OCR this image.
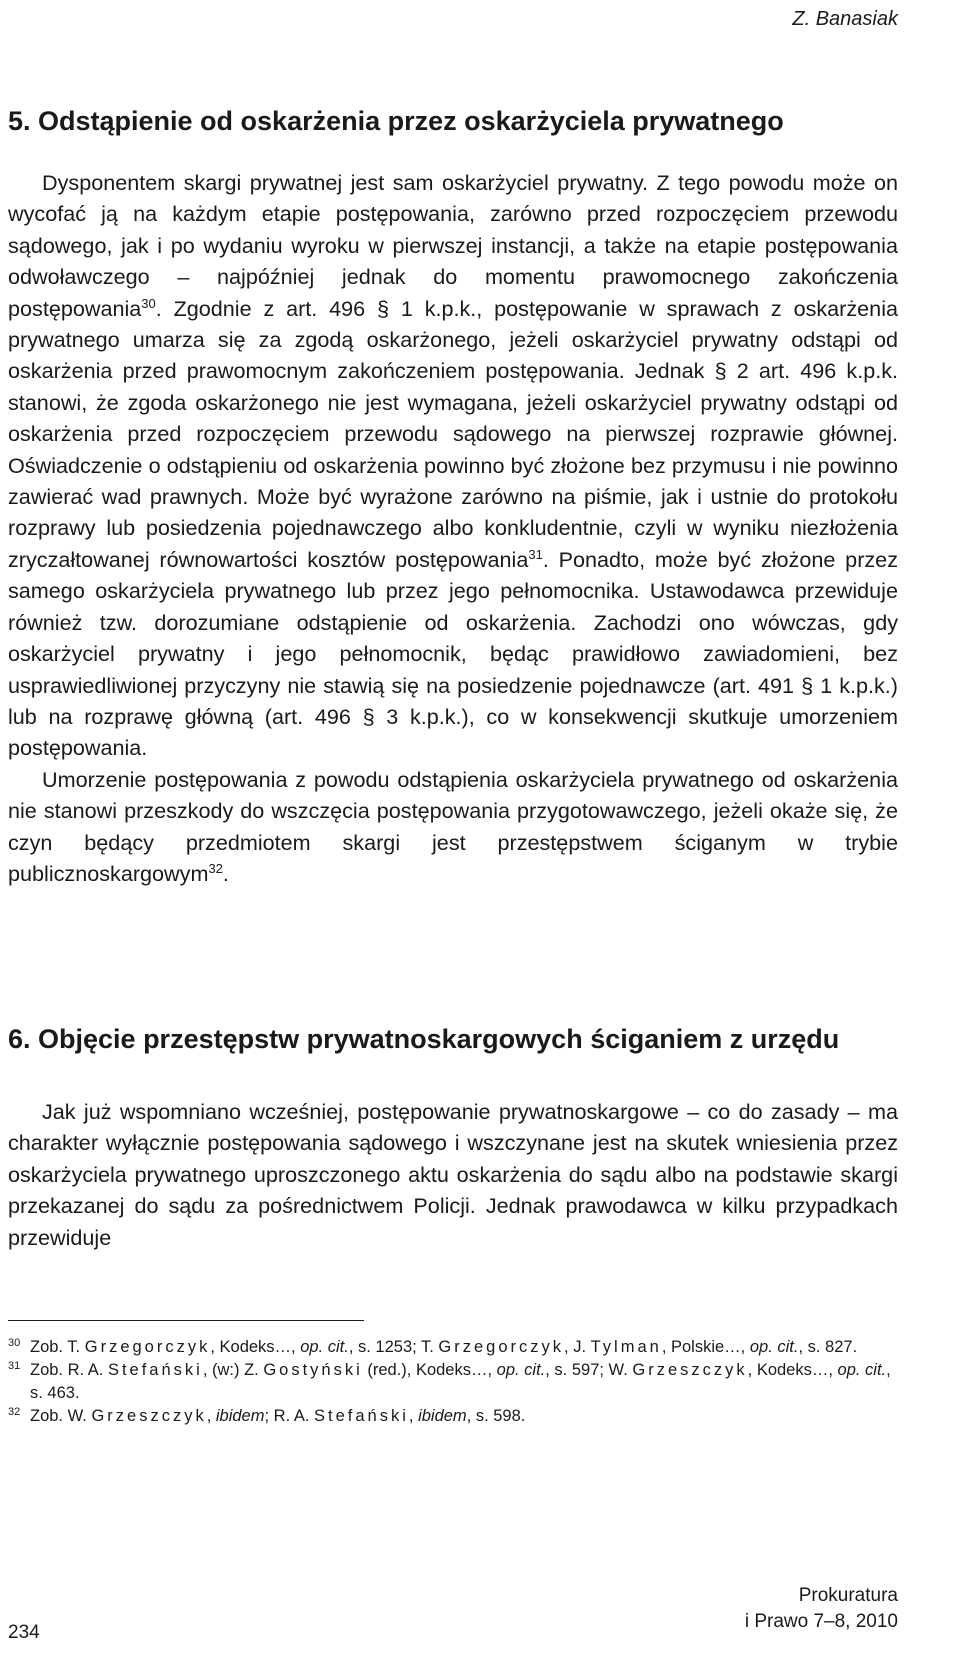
Z. Banasiak
5. Odstąpienie od oskarżenia przez oskarżyciela prywatnego

Dysponentem skargi prywatnej jest sam oskarżyciel prywatny. Z tego powodu może on wycofać ją na każdym etapie postępowania, zarówno przed rozpoczęciem przewodu sądowego, jak i po wydaniu wyroku w pierwszej instancji, a także na etapie postępowania odwoławczego – najpóźniej jednak do momentu prawomocnego zakończenia postępowania$^{30}$. Zgodnie z art. 496 § 1 k.p.k., postępowanie w sprawach z oskarżenia prywatnego umarza się za zgodą oskarżonego, jeżeli oskarżyciel prywatny odstąpi od oskarżenia przed prawomocnym zakończeniem postępowania. Jednak § 2 art. 496 k.p.k. stanowi, że zgoda oskarżonego nie jest wymagana, jeżeli oskarżyciel prywatny odstąpi od oskarżenia przed rozpoczęciem przewodu sądowego na pierwszej rozprawie głównej. Oświadczenie o odstąpieniu od oskarżenia powinno być złożone bez przymusu i nie powinno zawierać wad prawnych. Może być wyrażone zarówno na piśmie, jak i ustnie do protokołu rozprawy lub posiedzenia pojednawczego albo konkludentnie, czyli w wyniku niezłożenia zryczałtowanej równowartości kosztów postępowania$^{31}$. Ponadto, może być złożone przez samego oskarżyciela prywatnego lub przez jego pełnomocnika. Ustawodawca przewiduje również tzw. dorozumiane odstąpienie od oskarżenia. Zachodzi ono wówczas, gdy oskarżyciel prywatny i jego pełnomocnik, będąc prawidłowo zawiadomieni, bez usprawiedliwionej przyczyny nie stawią się na posiedzenie pojednawcze (art. 491 § 1 k.p.k.) lub na rozprawę główną (art. 496 § 3 k.p.k.), co w konsekwencji skutkuje umorzeniem postępowania.

Umorzenie postępowania z powodu odstąpienia oskarżyciela prywatnego od oskarżenia nie stanowi przeszkody do wszczęcia postępowania przygotowawczego, jeżeli okaże się, że czyn będący przedmiotem skargi jest przestępstwem ściganym w trybie publicznoskargowym$^{32}$.

6. Objęcie przestępstw prywatnoskargowych ściganiem z urzędu

Jak już wspomniano wcześniej, postępowanie prywatnoskargowe – co do zasady – ma charakter wyłącznie postępowania sądowego i wszczynane jest na skutek wniesienia przez oskarżyciela prywatnego uproszczonego aktu oskarżenia do sądu albo na podstawie skargi przekazanej do sądu za pośrednictwem Policji. Jednak prawodawca w kilku przypadkach przewiduje

30 Zob. T. Grzegorczyk, Kodeks…, op. cit., s. 1253; T. Grzegorczyk, J. Tylman, Polskie…, op. cit., s. 827.

31 Zob. R. A. Stefański, (w:) Z. Gostyński (red.), Kodeks…, op. cit., s. 597; W. Grzeszczyk, Kodeks…, op. cit., s. 463.

32 Zob. W. Grzeszczyk, ibidem; R. A. Stefański, ibidem, s. 598.

234
Prokuratura
i Prawo 7–8, 2010
